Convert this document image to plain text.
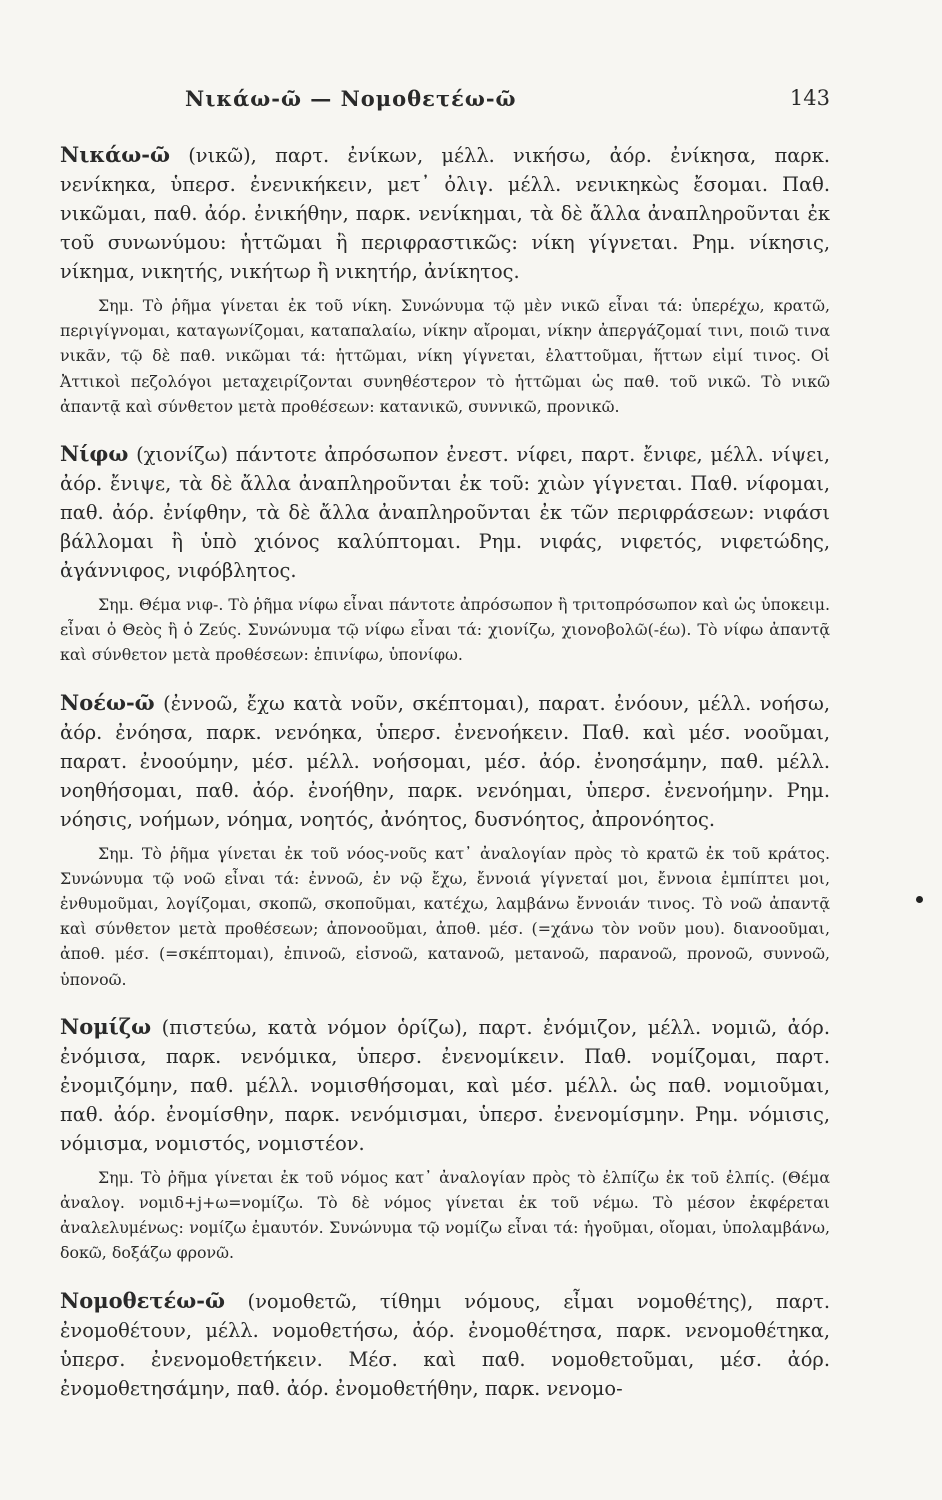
Νικάω-ῶ — Νομοθετέω-ῶ	143

Νικάω-ῶ (νικῶ), παρτ. ἐνίκων, μέλλ. νικήσω, ἀόρ. ἐνίκησα, παρκ. νενίκηκα, ὑπερσ. ἐνενικήκειν, μετ᾽ ὀλιγ. μέλλ. νενικηκὼς ἔσομαι. Παθ. νικῶμαι, παθ. ἀόρ. ἐνικήθην, παρκ. νενίκημαι, τὰ δὲ ἄλλα ἀναπληροῦνται ἐκ τοῦ συνωνύμου: ἡττῶμαι ἢ περιφραστικῶς: νίκη γίγνεται. Ρημ. νίκησις, νίκημα, νικητής, νικήτωρ ἢ νικητήρ, ἀνίκητος.

Σημ. Τὸ ῥῆμα γίνεται ἐκ τοῦ νίκη. Συνώνυμα τῷ μὲν νικῶ εἶναι τά: ὑπερέχω, κρατῶ, περιγίγνομαι, καταγωνίζομαι, καταπαλαίω, νίκην αἴρομαι, νίκην ἀπεργάζομαί τινι, ποιῶ τινα νικᾶν, τῷ δὲ παθ. νικῶμαι τά: ἡττῶμαι, νίκη γίγνεται, ἐλαττοῦμαι, ἥττων εἰμί τινος. Οἱ Ἀττικοὶ πεζολόγοι μεταχειρίζονται συνηθέστερον τὸ ἡττῶμαι ὡς παθ. τοῦ νικῶ. Τὸ νικῶ ἀπαντᾷ καὶ σύνθετον μετὰ προθέσεων: κατανικῶ, συννικῶ, προνικῶ.

Νίφω (χιονίζω) πάντοτε ἀπρόσωπον ἐνεστ. νίφει, παρτ. ἔνιφε, μέλλ. νίψει, ἀόρ. ἔνιψε, τὰ δὲ ἄλλα ἀναπληροῦνται ἐκ τοῦ: χιὼν γίγνεται. Παθ. νίφομαι, παθ. ἀόρ. ἐνίφθην, τὰ δὲ ἄλλα ἀναπληροῦνται ἐκ τῶν περιφράσεων: νιφάσι βάλλομαι ἢ ὑπὸ χιόνος καλύπτομαι. Ρημ. νιφάς, νιφετός, νιφετώδης, ἀγάννιφος, νιφόβλητος.

Σημ. Θέμα νιφ-. Τὸ ῥῆμα νίφω εἶναι πάντοτε ἀπρόσωπον ἢ τριτοπρόσωπον καὶ ὡς ὑποκειμ. εἶναι ὁ Θεὸς ἢ ὁ Ζεύς. Συνώνυμα τῷ νίφω εἶναι τά: χιονίζω, χιονοβολῶ(-έω). Τὸ νίφω ἀπαντᾷ καὶ σύνθετον μετὰ προθέσεων: ἐπινίφω, ὑπονίφω.

Νοέω-ῶ (ἐννοῶ, ἔχω κατὰ νοῦν, σκέπτομαι), παρατ. ἐνόουν, μέλλ. νοήσω, ἀόρ. ἐνόησα, παρκ. νενόηκα, ὑπερσ. ἐνενοήκειν. Παθ. καὶ μέσ. νοοῦμαι, παρατ. ἐνοούμην, μέσ. μέλλ. νοήσομαι, μέσ. ἀόρ. ἐνοησάμην, παθ. μέλλ. νοηθήσομαι, παθ. ἀόρ. ἐνοήθην, παρκ. νενόημαι, ὑπερσ. ἐνενοήμην. Ρημ. νόησις, νοήμων, νόημα, νοητός, ἀνόητος, δυσνόητος, ἀπρονόητος.

Σημ. Τὸ ῥῆμα γίνεται ἐκ τοῦ νόος-νοῦς κατ᾽ ἀναλογίαν πρὸς τὸ κρατῶ ἐκ τοῦ κράτος. Συνώνυμα τῷ νοῶ εἶναι τά: ἐννοῶ, ἐν νῷ ἔχω, ἔννοιά γίγνεταί μοι, ἔννοια ἐμπίπτει μοι, ἐνθυμοῦμαι, λογίζομαι, σκοπῶ, σκοποῦμαι, κατέχω, λαμβάνω ἔννοιάν τινος. Τὸ νοῶ ἀπαντᾷ καὶ σύνθετον μετὰ προθέσεων; ἀπονοοῦμαι, ἀποθ. μέσ. (=χάνω τὸν νοῦν μου). διανοοῦμαι, ἀποθ. μέσ. (=σκέπτομαι), ἐπινοῶ, εἰσνοῶ, κατανοῶ, μετανοῶ, παρανοῶ, προνοῶ, συννοῶ, ὑπονοῶ.

Νομίζω (πιστεύω, κατὰ νόμον ὁρίζω), παρτ. ἐνόμιζον, μέλλ. νομιῶ, ἀόρ. ἐνόμισα, παρκ. νενόμικα, ὑπερσ. ἐνενομίκειν. Παθ. νομίζομαι, παρτ. ἐνομιζόμην, παθ. μέλλ. νομισθήσομαι, καὶ μέσ. μέλλ. ὡς παθ. νομιοῦμαι, παθ. ἀόρ. ἐνομίσθην, παρκ. νενόμισμαι, ὑπερσ. ἐνενομίσμην. Ρημ. νόμισις, νόμισμα, νομιστός, νομιστέον.

Σημ. Τὸ ῥῆμα γίνεται ἐκ τοῦ νόμος κατ᾽ ἀναλογίαν πρὸς τὸ ἐλπίζω ἐκ τοῦ ἐλπίς. (Θέμα ἀναλογ. νομιδ+j+ω=νομίζω. Τὸ δὲ νόμος γίνεται ἐκ τοῦ νέμω. Τὸ μέσον ἐκφέρεται ἀναλελυμένως: νομίζω ἐμαυτόν. Συνώνυμα τῷ νομίζω εἶναι τά: ἡγοῦμαι, οἴομαι, ὑπολαμβάνω, δοκῶ, δοξάζω φρονῶ.

Νομοθετέω-ῶ (νομοθετῶ, τίθημι νόμους, εἶμαι νομοθέτης), παρτ. ἐνομοθέτουν, μέλλ. νομοθετήσω, ἀόρ. ἐνομοθέτησα, παρκ. νενομοθέτηκα, ὑπερσ. ἐνενομοθετήκειν. Μέσ. καὶ παθ. νομοθετοῦμαι, μέσ. ἀόρ. ἐνομοθετησάμην, παθ. ἀόρ. ἐνομοθετήθην, παρκ. νενομο-
